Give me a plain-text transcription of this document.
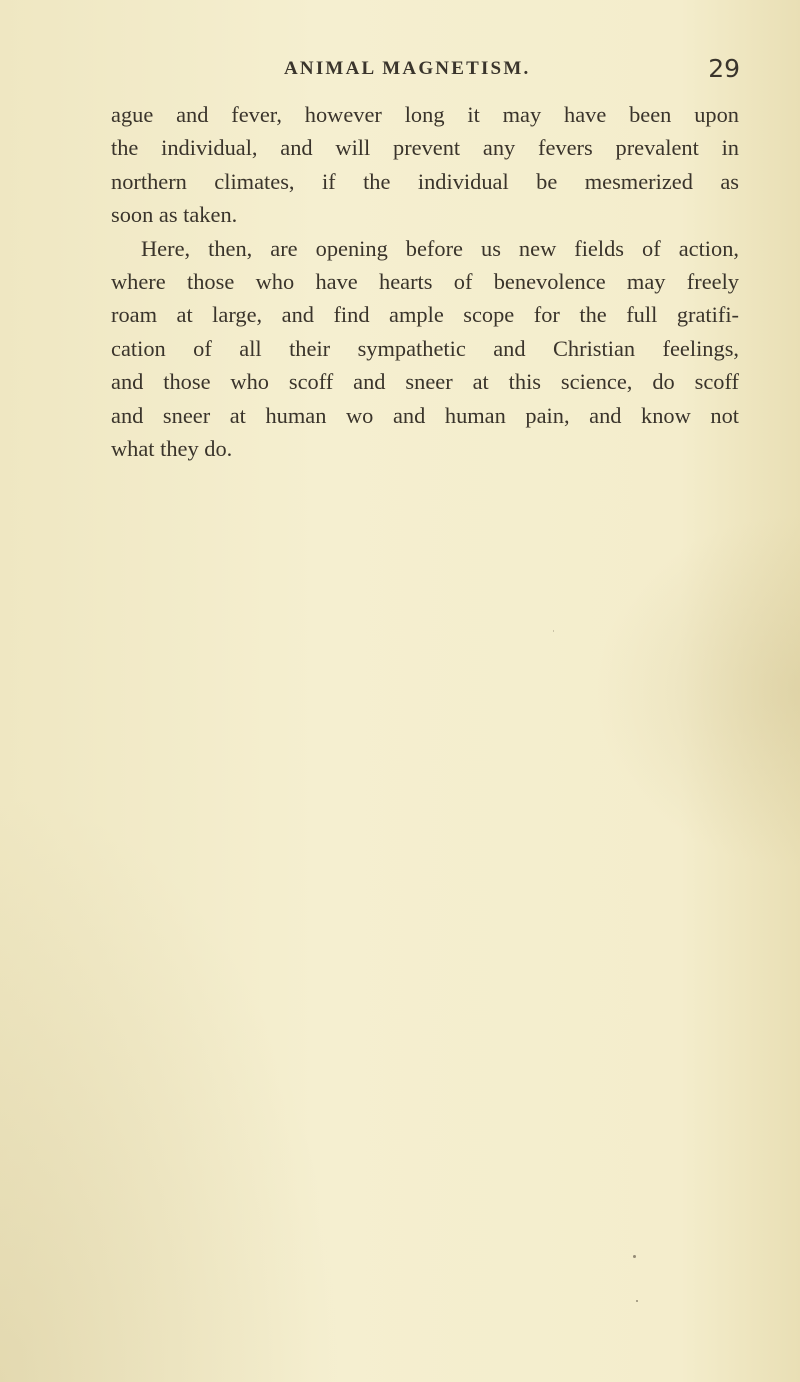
ANIMAL MAGNETISM.	29
ague and fever, however long it may have been upon
the individual, and will prevent any fevers prevalent in
northern climates, if the individual be mesmerized as
soon as taken.
Here, then, are opening before us new fields of action,
where those who have hearts of benevolence may freely
roam at large, and find ample scope for the full gratifi-
cation of all their sympathetic and Christian feelings,
and those who scoff and sneer at this science, do scoff
and sneer at human wo and human pain, and know not
what they do.
